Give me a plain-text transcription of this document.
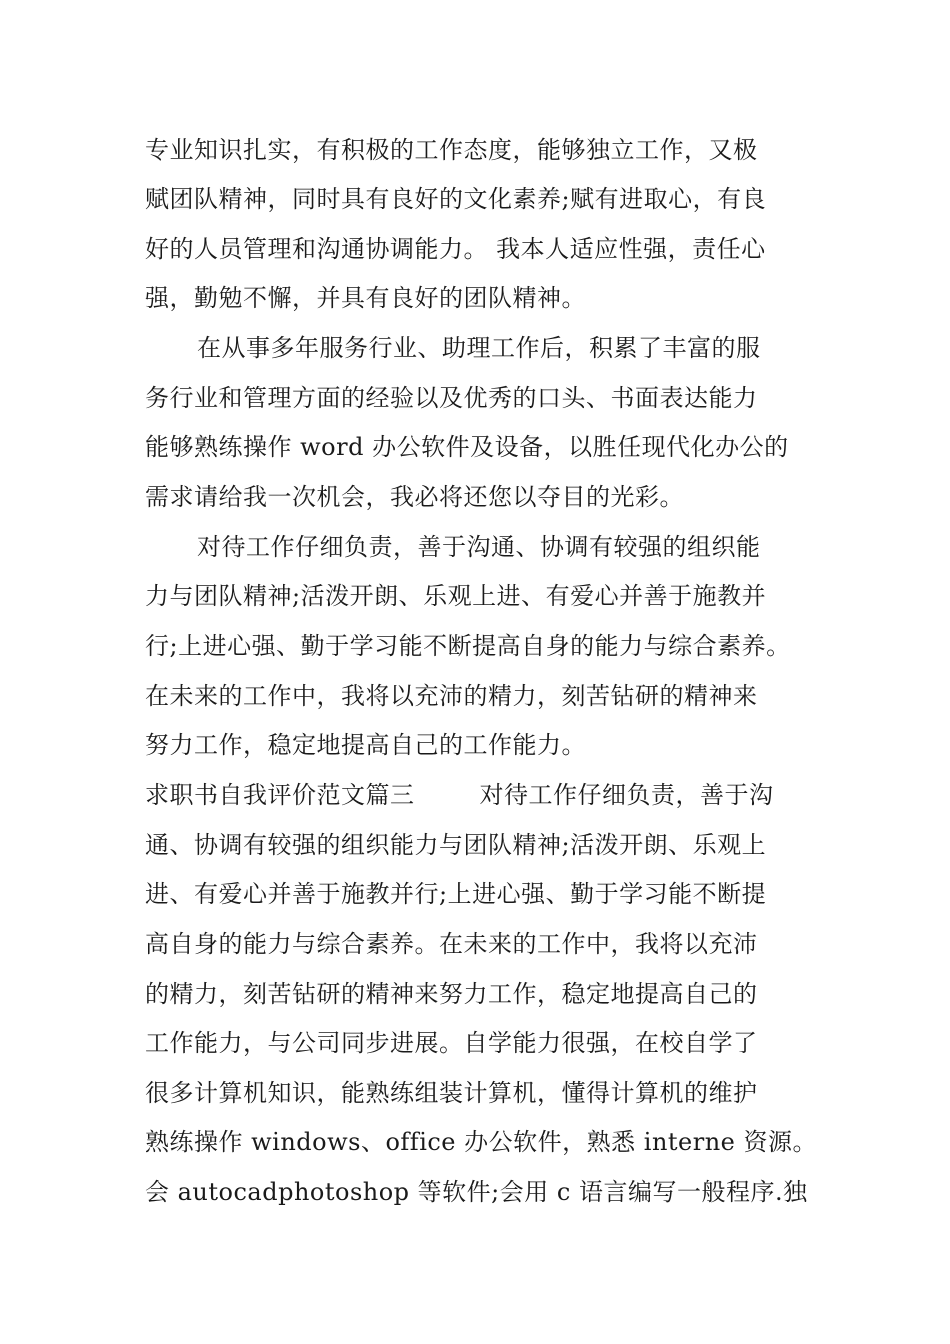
专业知识扎实，有积极的工作态度，能够独立工作，又极
赋团队精神，同时具有良好的文化素养;赋有进取心，有良
好的人员管理和沟通协调能力。 我本人适应性强，责任心
强，勤勉不懈，并具有良好的团队精神。
在从事多年服务行业、助理工作后，积累了丰富的服
务行业和管理方面的经验以及优秀的口头、书面表达能力
能够熟练操作 word 办公软件及设备，以胜任现代化办公的
需求请给我一次机会，我必将还您以夺目的光彩。
对待工作仔细负责，善于沟通、协调有较强的组织能
力与团队精神;活泼开朗、乐观上进、有爱心并善于施教并
行;上进心强、勤于学习能不断提高自身的能力与综合素养。
在未来的工作中，我将以充沛的精力，刻苦钻研的精神来
努力工作，稳定地提高自己的工作能力。
求职书自我评价范文篇三        对待工作仔细负责，善于沟
通、协调有较强的组织能力与团队精神;活泼开朗、乐观上
进、有爱心并善于施教并行;上进心强、勤于学习能不断提
高自身的能力与综合素养。在未来的工作中，我将以充沛
的精力，刻苦钻研的精神来努力工作，稳定地提高自己的
工作能力，与公司同步进展。自学能力很强，在校自学了
很多计算机知识，能熟练组装计算机，懂得计算机的维护
熟练操作 windows、office 办公软件，熟悉 interne 资源。
会 autocadphotoshop 等软件;会用 c 语言编写一般程序.独
